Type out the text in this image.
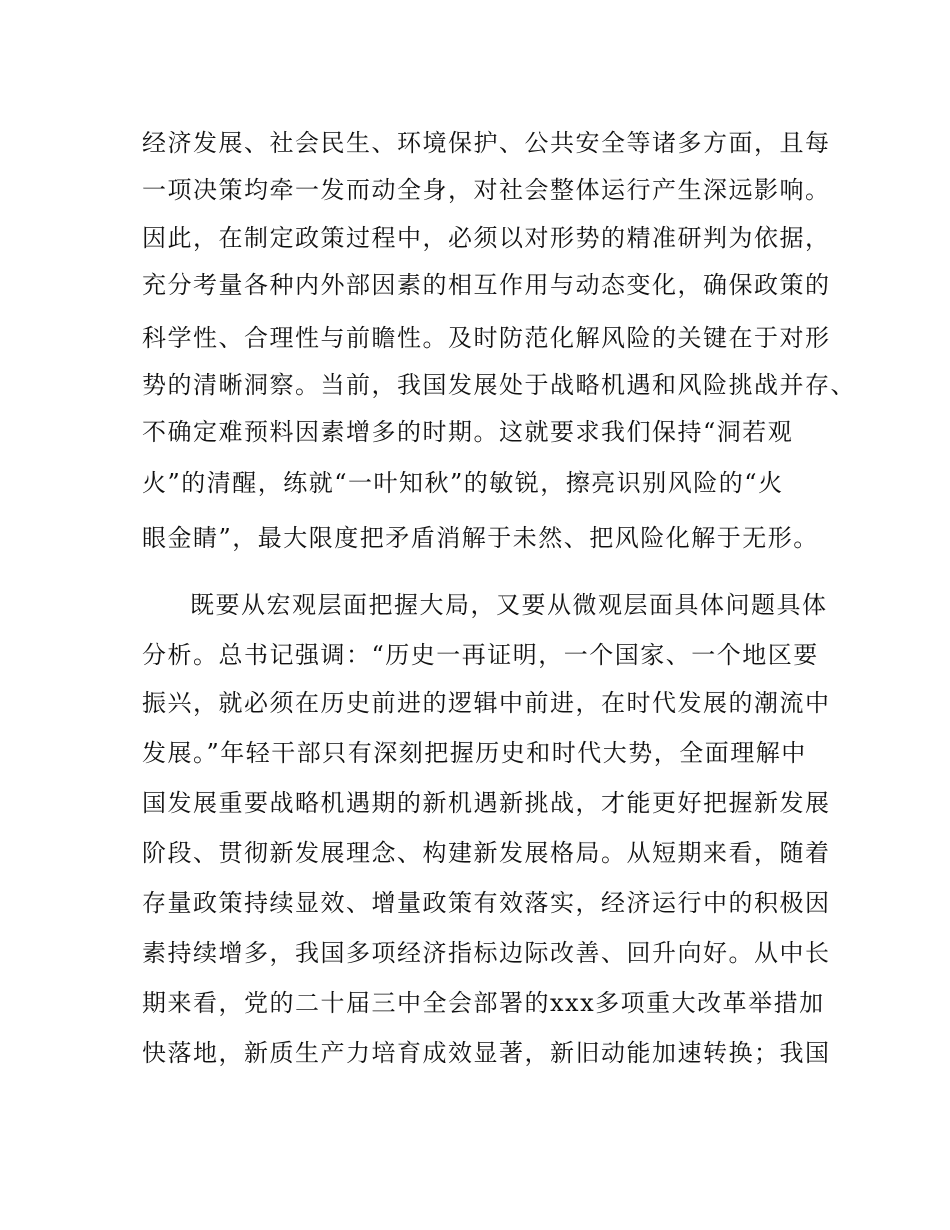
经济发展、社会民生、环境保护、公共安全等诸多方面，且每
一项决策均牵一发而动全身，对社会整体运行产生深远影响。
因此，在制定政策过程中，必须以对形势的精准研判为依据，
充分考量各种内外部因素的相互作用与动态变化，确保政策的
科学性、合理性与前瞻性。及时防范化解风险的关键在于对形
势的清晰洞察。当前，我国发展处于战略机遇和风险挑战并存、
不确定难预料因素增多的时期。这就要求我们保持“洞若观
火”的清醒，练就“一叶知秋”的敏锐，擦亮识别风险的“火
眼金睛”，最大限度把矛盾消解于未然、把风险化解于无形。
既要从宏观层面把握大局，又要从微观层面具体问题具体
分析。总书记强调：“历史一再证明，一个国家、一个地区要
振兴，就必须在历史前进的逻辑中前进，在时代发展的潮流中
发展。”年轻干部只有深刻把握历史和时代大势，全面理解中
国发展重要战略机遇期的新机遇新挑战，才能更好把握新发展
阶段、贯彻新发展理念、构建新发展格局。从短期来看，随着
存量政策持续显效、增量政策有效落实，经济运行中的积极因
素持续增多，我国多项经济指标边际改善、回升向好。从中长
期来看，党的二十届三中全会部署的xxx多项重大改革举措加
快落地，新质生产力培育成效显著，新旧动能加速转换；我国
